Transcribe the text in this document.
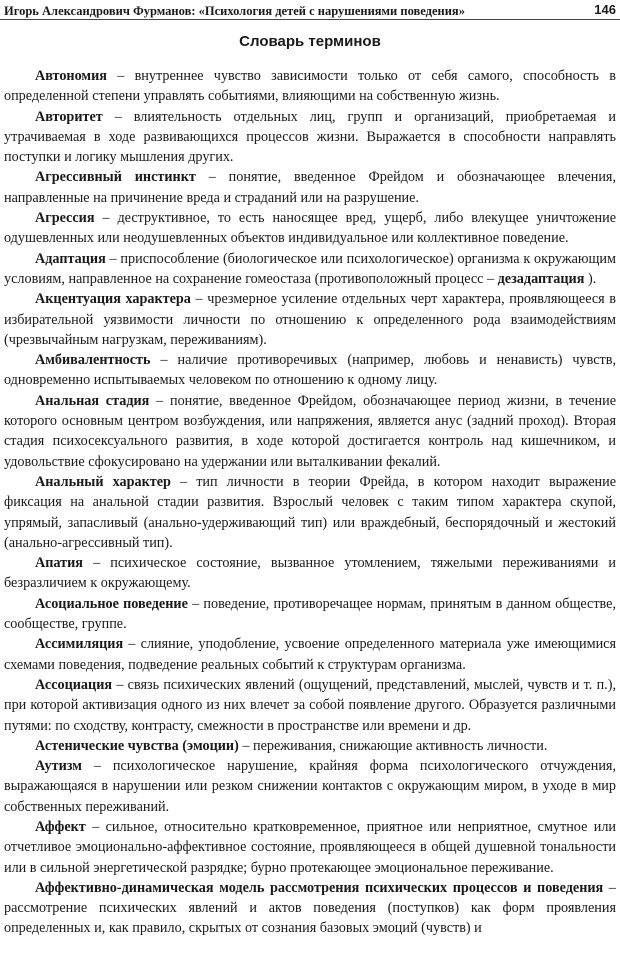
Игорь Александрович Фурманов: «Психология детей с нарушениями поведения»	146
Словарь терминов

Автономия – внутреннее чувство зависимости только от себя самого, способность в определенной степени управлять событиями, влияющими на собственную жизнь.

Авторитет – влиятельность отдельных лиц, групп и организаций, приобретаемая и утрачиваемая в ходе развивающихся процессов жизни. Выражается в способности направлять поступки и логику мышления других.

Агрессивный инстинкт – понятие, введенное Фрейдом и обозначающее влечения, направленные на причинение вреда и страданий или на разрушение.

Агрессия – деструктивное, то есть наносящее вред, ущерб, либо влекущее уничтожение одушевленных или неодушевленных объектов индивидуальное или коллективное поведение.

Адаптация – приспособление (биологическое или психологическое) организма к окружающим условиям, направленное на сохранение гомеостаза (противоположный процесс – дезадаптация ).

Акцентуация характера – чрезмерное усиление отдельных черт характера, проявляющееся в избирательной уязвимости личности по отношению к определенного рода взаимодействиям (чрезвычайным нагрузкам, переживаниям).

Амбивалентность – наличие противоречивых (например, любовь и ненависть) чувств, одновременно испытываемых человеком по отношению к одному лицу.

Анальная стадия – понятие, введенное Фрейдом, обозначающее период жизни, в течение которого основным центром возбуждения, или напряжения, является анус (задний проход). Вторая стадия психосексуального развития, в ходе которой достигается контроль над кишечником, и удовольствие сфокусировано на удержании или выталкивании фекалий.

Анальный характер – тип личности в теории Фрейда, в котором находит выражение фиксация на анальной стадии развития. Взрослый человек с таким типом характера скупой, упрямый, запасливый (анально-удерживающий тип) или враждебный, беспорядочный и жестокий (анально-агрессивный тип).

Апатия – психическое состояние, вызванное утомлением, тяжелыми переживаниями и безразличием к окружающему.

Асоциальное поведение – поведение, противоречащее нормам, принятым в данном обществе, сообществе, группе.

Ассимиляция – слияние, уподобление, усвоение определенного материала уже имеющимися схемами поведения, подведение реальных событий к структурам организма.

Ассоциация – связь психических явлений (ощущений, представлений, мыслей, чувств и т. п.), при которой активизация одного из них влечет за собой появление другого. Образуется различными путями: по сходству, контрасту, смежности в пространстве или времени и др.

Астенические чувства (эмоции) – переживания, снижающие активность личности.

Аутизм – психологическое нарушение, крайняя форма психологического отчуждения, выражающаяся в нарушении или резком снижении контактов с окружающим миром, в уходе в мир собственных переживаний.

Аффект – сильное, относительно кратковременное, приятное или неприятное, смутное или отчетливое эмоционально-аффективное состояние, проявляющееся в общей душевной тональности или в сильной энергетической разрядке; бурно протекающее эмоциональное переживание.

Аффективно-динамическая модель рассмотрения психических процессов и поведения – рассмотрение психических явлений и актов поведения (поступков) как форм проявления определенных и, как правило, скрытых от сознания базовых эмоций (чувств) и
